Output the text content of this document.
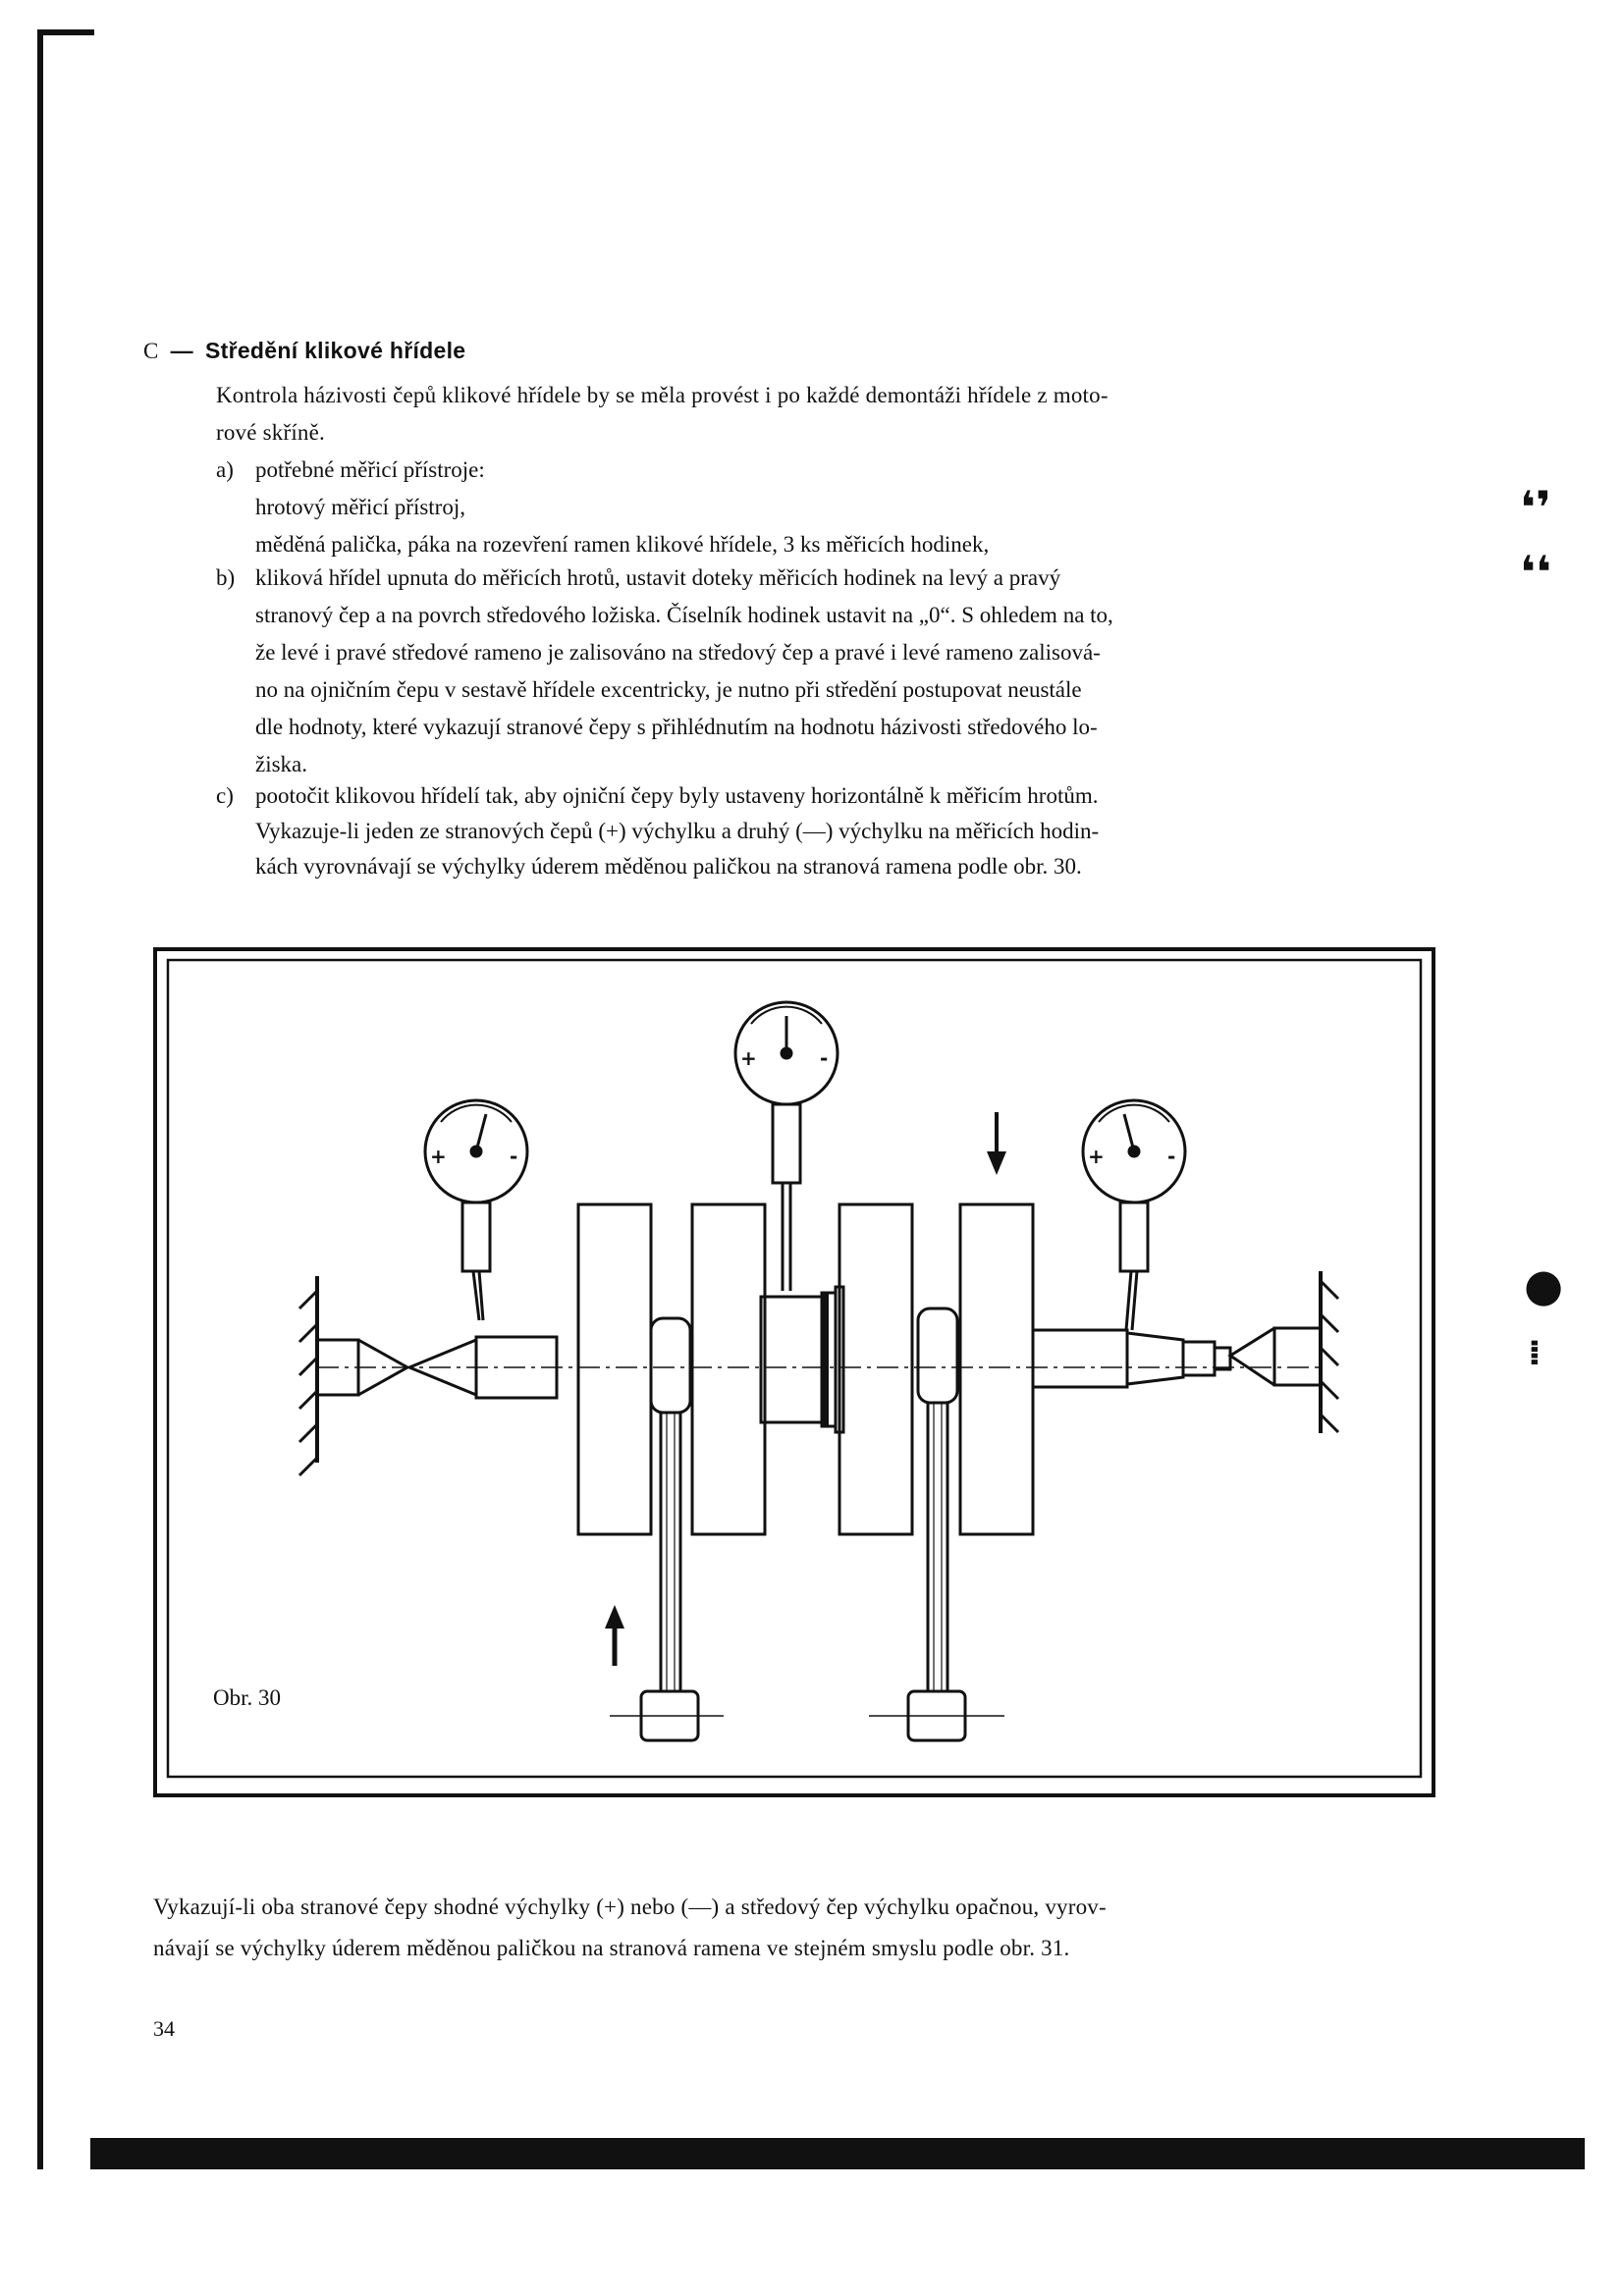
❛❜
❛❛
●
⁞
C — Středění klikové hřídele
Kontrola házivosti čepů klikové hřídele by se měla provést i po každé demontáži hřídele z moto-
rové skříně.
a) potřebné měřicí přístroje:
hrotový měřicí přístroj,
měděná palička, páka na rozevření ramen klikové hřídele, 3 ks měřicích hodinek,
b) kliková hřídel upnuta do měřicích hrotů, ustavit doteky měřicích hodinek na levý a pravý
stranový čep a na povrch středového ložiska. Číselník hodinek ustavit na „0“. S ohledem na to,
že levé i pravé středové rameno je zalisováno na středový čep a pravé i levé rameno zalisová-
no na ojničním čepu v sestavě hřídele excentricky, je nutno při středění postupovat neustále
dle hodnoty, které vykazují stranové čepy s přihlédnutím na hodnotu házivosti středového lo-
žiska.
c) pootočit klikovou hřídelí tak, aby ojniční čepy byly ustaveny horizontálně k měřicím hrotům.
Vykazuje-li jeden ze stranových čepů (+) výchylku a druhý (—) výchylku na měřicích hodin-
kách vyrovnávají se výchylky úderem měděnou paličkou na stranová ramena podle obr. 30.
+	-
+	-
+	-
Obr. 30
Vykazují-li oba stranové čepy shodné výchylky (+) nebo (—) a středový čep výchylku opačnou, vyrov-
návají se výchylky úderem měděnou paličkou na stranová ramena ve stejném smyslu podle obr. 31.
34
